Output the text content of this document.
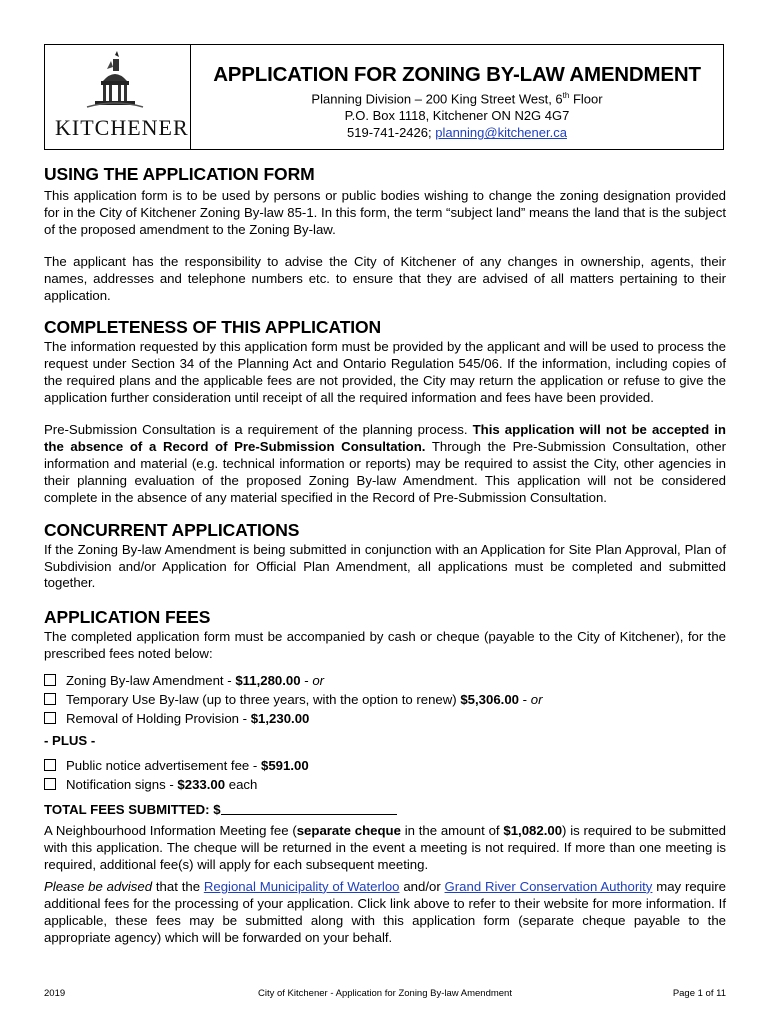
KITCHENER
APPLICATION FOR ZONING BY-LAW AMENDMENT
Planning Division – 200 King Street West, 6th Floor
P.O. Box 1118, Kitchener ON N2G 4G7
519-741-2426; planning@kitchener.ca
USING THE APPLICATION FORM

This application form is to be used by persons or public bodies wishing to change the zoning designation provided for in the City of Kitchener Zoning By-law 85-1. In this form, the term “subject land” means the land that is the subject of the proposed amendment to the Zoning By-law.

The applicant has the responsibility to advise the City of Kitchener of any changes in ownership, agents, their names, addresses and telephone numbers etc. to ensure that they are advised of all matters pertaining to their application.

COMPLETENESS OF THIS APPLICATION

The information requested by this application form must be provided by the applicant and will be used to process the request under Section 34 of the Planning Act and Ontario Regulation 545/06. If the information, including copies of the required plans and the applicable fees are not provided, the City may return the application or refuse to give the application further consideration until receipt of all the required information and fees have been provided.

Pre-Submission Consultation is a requirement of the planning process. This application will not be accepted in the absence of a Record of Pre-Submission Consultation. Through the Pre-Submission Consultation, other information and material (e.g. technical information or reports) may be required to assist the City, other agencies in their planning evaluation of the proposed Zoning By-law Amendment. This application will not be considered complete in the absence of any material specified in the Record of Pre-Submission Consultation.

CONCURRENT APPLICATIONS

If the Zoning By-law Amendment is being submitted in conjunction with an Application for Site Plan Approval, Plan of Subdivision and/or Application for Official Plan Amendment, all applications must be completed and submitted together.

APPLICATION FEES

The completed application form must be accompanied by cash or cheque (payable to the City of Kitchener), for the prescribed fees noted below:

Zoning By-law Amendment - $11,280.00 - or
Temporary Use By-law (up to three years, with the option to renew) $5,306.00 - or
Removal of Holding Provision - $1,230.00
- PLUS -
Public notice advertisement fee - $591.00
Notification signs - $233.00 each
TOTAL FEES SUBMITTED: $

A Neighbourhood Information Meeting fee (separate cheque in the amount of $1,082.00) is required to be submitted with this application. The cheque will be returned in the event a meeting is not required. If more than one meeting is required, additional fee(s) will apply for each subsequent meeting.

Please be advised that the Regional Municipality of Waterloo and/or Grand River Conservation Authority may require additional fees for the processing of your application. Click link above to refer to their website for more information. If applicable, these fees may be submitted along with this application form (separate cheque payable to the appropriate agency) which will be forwarded on your behalf.

2019	City of Kitchener - Application for Zoning By-law Amendment	Page 1 of 11
